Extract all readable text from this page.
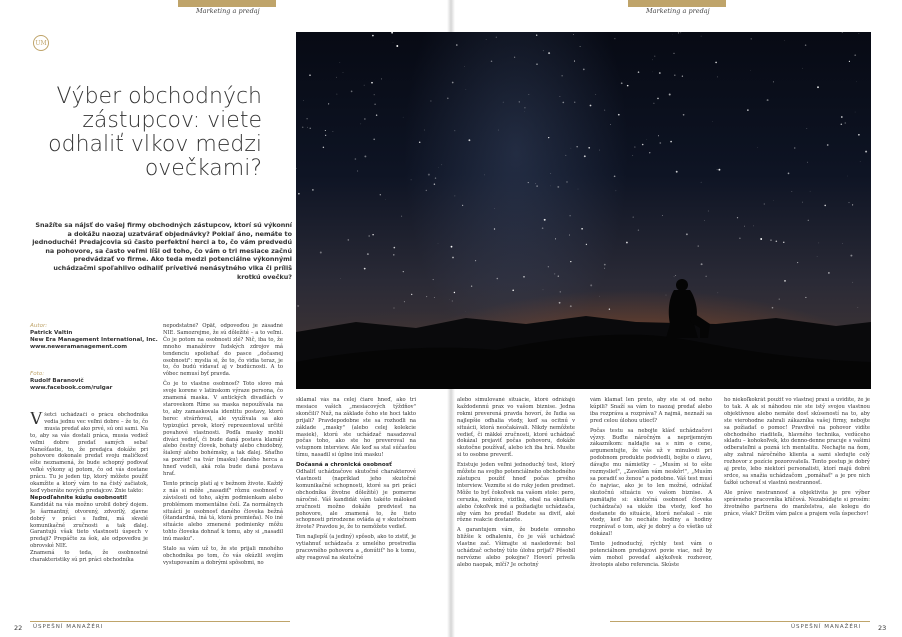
Marketing a predaj	Marketing a predaj
UM
Výber obchodných zástupcov: viete odhaliť vlkov medzi ovečkami?

Snažíte sa nájsť do vašej firmy obchodných zástupcov, ktorí sú výkonní a dokážu naozaj uzatvárať objednávky? Pokiaľ áno, nemáte to jednoduché! Predajcovia sú často perfektní herci a to, čo vám predvedú na pohovore, sa často veľmi líši od toho, čo vám o tri mesiace začnú predvádzať vo firme. Ako teda medzi potenciálne výkonnými uchádzačmi spoľahlivo odhaliť prívetivé nenásytného vlka či príliš krotkú ovečku?

Autor:
Patrick Valtin
New Era Management International, Inc.
www.neweramanagement.com
Foto:
Rudolf Baranovič
www.facebook.com/rulgar
Všetci uchádzači o prácu obchodníka vedia jednu vec veľmi dobre – že to, čo musia predať ako prvé, sú oni sami. Na to, aby sa vás dostali práca, musia vediež veľmi dobre predať samých seba! Nanešťastie, to, že predajca dokáže pri pohovore dokonale predať svoju maličkosť ešte neznamená, že bude schopný poďovať veľké výkony aj potom, čo od vás dostane prácu. Tu je jeden tip, ktorý môžete použiť okamžite a ktorý vám to na čistý začiatok, keď vyberáte nových predajcov. Znie takto:
Nepodľahnite kúzlu osobnosti!

Kandidát na vás možno urobil dobrý dojem. Je šarmantný, otvorený, zdvorilý, zjavne dobrý v práci s ľuďmi, má skvelé komunikačné zručnosti a tak ďalej. Garantujú však tieto vlastnosti úspech v predaji? Prepáčte za šok, ale odpoveďou je obrovské NIE.

Znamená to teda, že osobnostné charakteristiky sú pri práci obchodníka

nepodstatné? Opäť, odpoveďou je zásadné NIE. Samozrejme, že sú dôležité – a to veľmi. Čo je potom na osobnosti zlé? Nič, iba to, že mnoho manažérov ľudských zdrojov má tendenciu spoliehať do pasce „dočasnej osobnosti": myslia si, že to, čo vidia teraz, je to, čo budú vídavať aj v budúcnosti. A to vôbec nemusí byť pravda.

Čo je to vlastne osobnosť? Toto slovo má svoje korene v latinskom výraze persona, čo znamená maska. V antických divadlách v starovekom Ríme sa maska nepoužívala na to, aby zamaskovala identitu postavy, ktorú herec stvárňoval, ale využívala sa ako typizujúci prvok, ktorý reprezentoval určité povahové vlastnosti. Podľa masky mohli diváci vedieť, či bude daná postava klamár alebo čestný človek, bohatý alebo chudobný, šialený alebo bohémsky, a tak ďalej. Sňaťho sa pozriet' na tvár (masku) daného herca a hneď vedeli, aká rola bude daná postava hrať.

Tento princíp platí aj v bežnom živote. Každý z nás si môže „nasadiť" rôznu osobnosť v závislosti od toho, akým podmienkam alebo problémom momentálne čelí. Za normálnych situácií je osobnosť daného človeka bežná (štandardná, iná tá, ktorá premieňa). No iné situácie alebo zmenené podmienky môžu tohto človeka dohnať k tomu, aby si „nasadil inú masku".

Stalo sa vám už to, že ste prijali mnohého obchodníka po tom, čo vás okúzlil svojím vystupovaním a dobrými spôsobmi, no

sklamal vás na celej čiare hneď, ako tri mesiace vašich „mesiacových týždňov" skončili? Nuž, na základe čoho ste hoci takto prijali? Pravdepodobne ste sa rozhodli na základe „masky" (alebo celej kolekcie masiek), ktorú ste uchádzač nasadzoval počas toho, ako ste ho preveroval na vstupnom interview. Ale keď sa stal súčasťou tímu, nasadil si úplne inú masku!

Dočasná a chronická osobnosť

Odhaliť uchádzačove skutočné charakterové vlastnosti (napríklad jeho skutočné komunikačné schopnosti, ktoré sa pri práci obchodníka životne dôležité) je pomerne náročné. Váš kandidát vám takéto málokeď zručnosti možno dokáže predviesť na pohovore, ale znamená to, že tieto schopnosti prirodzene ovláda aj v skutočnom živote? Pravdou je, že to nemôžete vedieť.

Ten najlepší (a jediný) spôsob, ako to zistiť, je vytiahnuť uchádzača z umelého prostredia pracovného pohovoru a „donútiť" ho k tomu, aby reagoval na skutočné

alebo simulované situácie, ktoré odrážajú každodennú prax vo vašom biznise. Jedna rokmi preverená pravda hovorí, že ľudia sa najlepšie odhalia vtedy, keď sa ocitnú v situácii, ktorá neočakávali. Nikdy nemôžete vedieť, či mäkké zručnosti, ktoré uchádzač dokázal prejaviť počas pohovoru, dokáže skutočne používať, alebo ich iba hrá. Musíte si to osobne preveriť.

Existuje jeden veľmi jednoduchý test, ktorý môžete na svojho potenciálneho obchodného zástupcu použiť hneď počas prvého interview. Vezmite si do ruky jeden predmet. Môže to byť čokoľvek na vašom stole: pero, ceruzka, nožnice, vizitka, obal na okuliare alebo čokoľvek iné a požiadajte uchádzača, aby vám ho predal! Budete sa diviť, aké rôzne reakcie dostanete.

A garantujem vám, že budete omnoho bližšie k odhaleniu, čo je váš uchádzač vlastne zač. Všimajte si nasledovné: bol uchádzač ochotný túto úlohu prijať? Pôsobil nervózne alebo pokojne? Hovorí priveľa alebo naopak, mlčí? Je ochotný

vám klamať len preto, aby ste si od neho kúpili? Snaží sa vám to naozaj predať alebo iba rozpráva a rozpráva? A najmä, neznaží sa pred celou úlohou utiecť?

Počas testu sa nebojte klásť uchádzačovi výzvy. Buďte náročným a neprijemným zákazníkom: naldajte sa s nim o cene, argumentujte, že vás už v minulosti pri podobnom produkte podviedli, bojíte o zlavu, dávajte mu námietky – „Musím si to ešte rozmyslieť", „Zavolám vám neskôr!", „Musím sa poradiť so ženou" a podobne. Váš test musí čo najviac, ako je to len možné, odrážať skutočnú situáciu vo vašom biznise. A pamätajte si: skutočná osobnosť človeka (uchádzača) sa ukáže iba vtedy, keď ho dostanete do situácie, ktorú nečakal – nie vtedy, keď ho necháte hodiny a hodiny rozprávať o tom, aký je dobrý a čo všetko už dokázal!

Tento jednoduchý, rýchly test vám o potenciálnom predajcovi povie viac, než by vám mohol povedať akýkoľvek rozhovor, životopis alebo referencia. Skúste

ho niekoľkokrát použiť vo vlastnej praxi a uvidíte, že je to tak. A ak si náhodou nie ste istý svojou vlastnou objektívnou alebo nemáte dosť skúseností na to, aby ste vierohodne zahrali zákazníka vašej firmy, nebojte sa požiadať o pomoc! Pravdivé na pohovor vidíte obchodného riaditeľa, hlavného technika, vedúceho skladu – kohokoľvek, kto denno-denne pracuje s vašimi odberateľmi a pozná ich mentalitu. Nechajte na ňom, aby zahral náročného klienta a sami sledujte celý rozhovor z pozície pozorovateľa. Tento postup je dobrý aj preto, lebo niektorí personalisti, ktorí majú dobré srdce, sa snažia uchádzačom „pomáhať" a je pre nich ťažké uchovať si vlastnú nestrannosť.

Ale práve nestrannosť a objektivita je pre výber správneho pracovníka kľúčová. Nezabúdajte si prosím: životného partnera do manželstva, ale kolegu do práce, však? Držím vám palce a prajem veľa úspechov!

22 ÚSPEŠNÍ MANAŽÉRI	ÚSPEŠNÍ MANAŽÉRI	23
